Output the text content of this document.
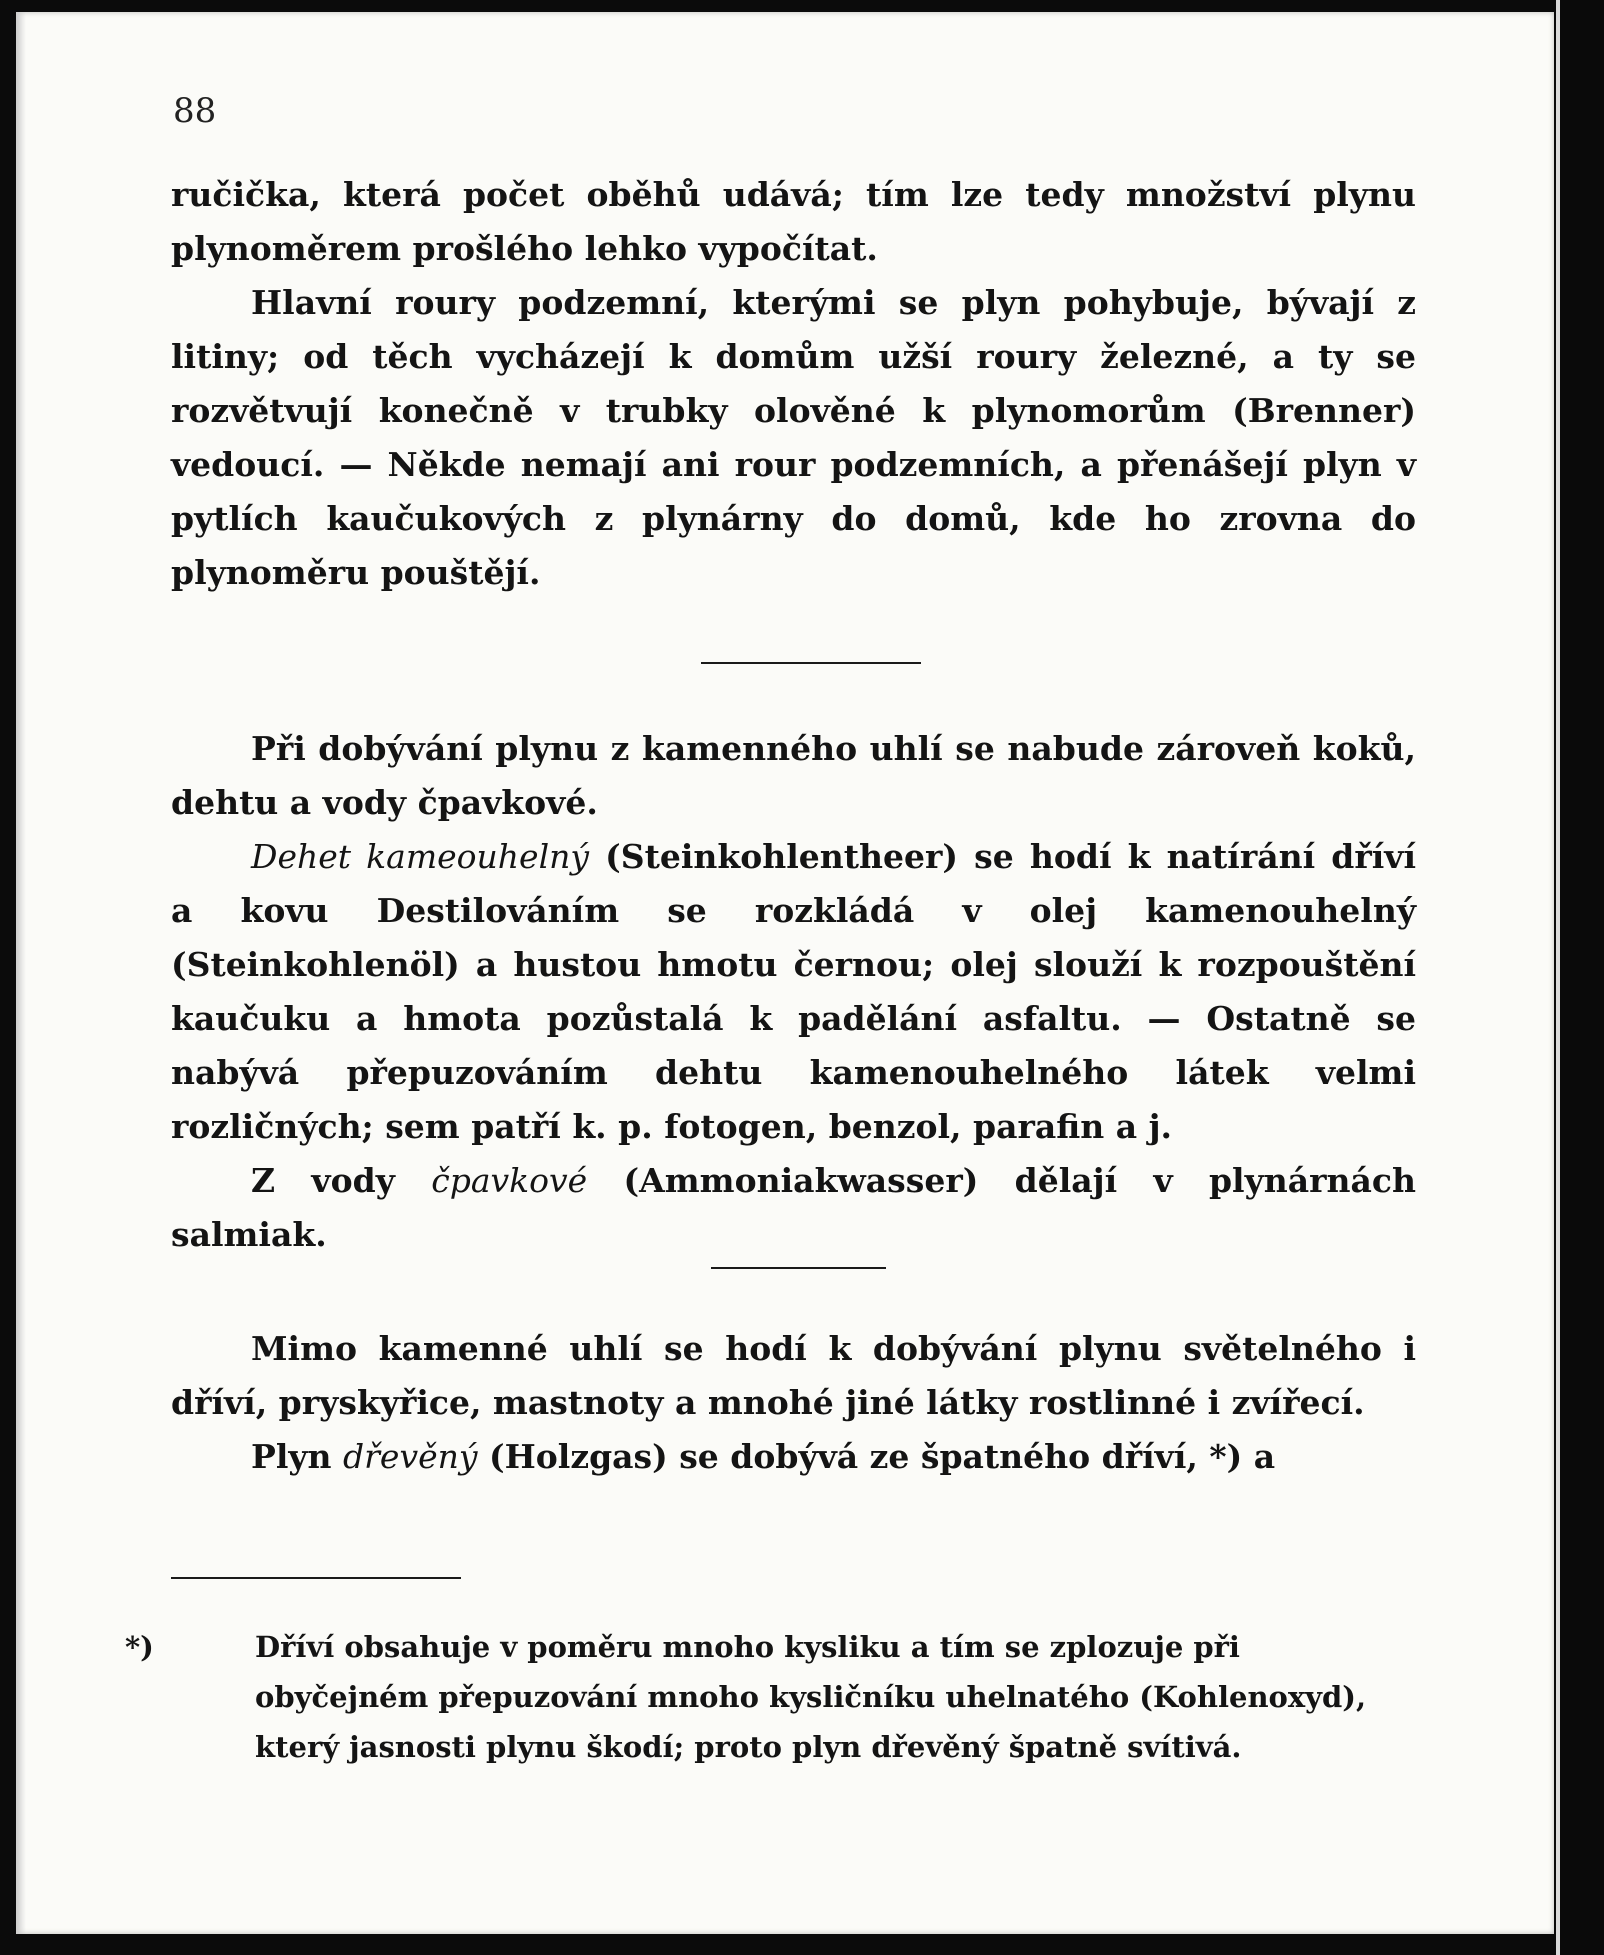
88

ručička, která počet oběhů udává; tím lze tedy množství plynu plynoměrem prošlého lehko vypočítat.

Hlavní roury podzemní, kterými se plyn pohybuje, bývají z litiny; od těch vycházejí k domům užší roury železné, a ty se rozvětvují konečně v trubky olověné k plynomorům (Brenner) vedoucí. — Někde nemají ani rour podzemních, a přenášejí plyn v pytlích kaučukových z plynárny do domů, kde ho zrovna do plynoměru pouštějí.

Při dobývání plynu z kamenného uhlí se nabude zároveň koků, dehtu a vody čpavkové.

Dehet kameouhelný (Steinkohlentheer) se hodí k natírání dříví a kovu Destilováním se rozkládá v olej kamenouhelný (Steinkohlenöl) a hustou hmotu černou; olej slouží k rozpouštění kaučuku a hmota pozůstalá k padělání asfaltu. — Ostatně se nabývá přepuzováním dehtu kamenouhelného látek velmi rozličných; sem patří k. p. fotogen, benzol, parafin a j.

Z vody čpavkové (Ammoniakwasser) dělají v plynárnách salmiak.

Mimo kamenné uhlí se hodí k dobývání plynu světelného i dříví, pryskyřice, mastnoty a mnohé jiné látky rostlinné i zvířecí.

Plyn dřevěný (Holzgas) se dobývá ze špatného dříví, *) a

*)	Dříví obsahuje v poměru mnoho kysliku a tím se zplozuje při
obyčejném přepuzování mnoho kysličníku uhelnatého (Kohlenoxyd),
který jasnosti plynu škodí; proto plyn dřevěný špatně svítivá.
